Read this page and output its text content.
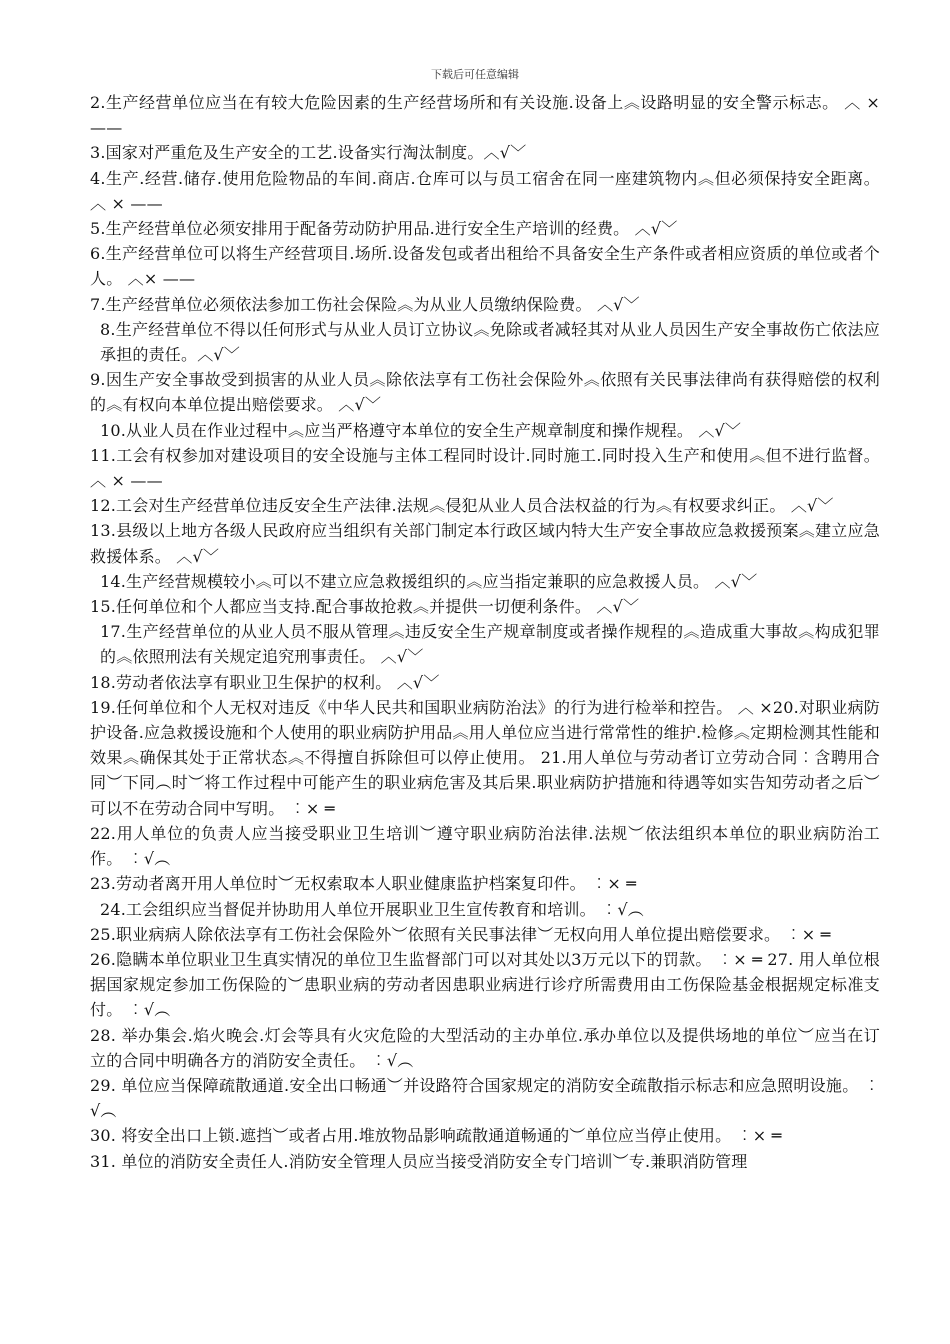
下载后可任意编辑

2.生产经营单位应当在有较大危险因素的生产经营场所和有关设施.设备上︽设路明显的安全警示标志。 ︿ × ——

3.国家对严重危及生产安全的工艺.设备实行淘汰制度。︿√﹀

4.生产.经营.储存.使用危险物品的车间.商店.仓库可以与员工宿舍在同一座建筑物内︽但必须保持安全距离。 ︿ × ——

5.生产经营单位必须安排用于配备劳动防护用品.进行安全生产培训的经费。 ︿√﹀

6.生产经营单位可以将生产经营项目.场所.设备发包或者出租给不具备安全生产条件或者相应资质的单位或者个人。 ︿× ——

7.生产经营单位必须依法参加工伤社会保险︽为从业人员缴纳保险费。 ︿√﹀

8.生产经营单位不得以任何形式与从业人员订立协议︽免除或者减轻其对从业人员因生产安全事故伤亡依法应承担的责任。︿√﹀

9.因生产安全事故受到损害的从业人员︽除依法享有工伤社会保险外︽依照有关民事法律尚有获得赔偿的权利的︽有权向本单位提出赔偿要求。 ︿√﹀

10.从业人员在作业过程中︽应当严格遵守本单位的安全生产规章制度和操作规程。 ︿√﹀

11.工会有权参加对建设项目的安全设施与主体工程同时设计.同时施工.同时投入生产和使用︽但不进行监督。 ︿ × ——

12.工会对生产经营单位违反安全生产法律.法规︽侵犯从业人员合法权益的行为︽有权要求纠正。 ︿√﹀

13.县级以上地方各级人民政府应当组织有关部门制定本行政区域内特大生产安全事故应急救援预案︽建立应急救援体系。 ︿√﹀

14.生产经营规模较小︽可以不建立应急救援组织的︽应当指定兼职的应急救援人员。 ︿√﹀

15.任何单位和个人都应当支持.配合事故抢救︽并提供一切便利条件。 ︿√﹀

17.生产经营单位的从业人员不服从管理︽违反安全生产规章制度或者操作规程的︽造成重大事故︽构成犯罪的︽依照刑法有关规定追究刑事责任。 ︿√﹀

18.劳动者依法享有职业卫生保护的权利。 ︿√﹀

19.任何单位和个人无权对违反《中华人民共和国职业病防治法》的行为进行检举和控告。 ︿ ×20.对职业病防护设备.应急救援设施和个人使用的职业病防护用品︽用人单位应当进行常常性的维护.检修︽定期检测其性能和效果︽确保其处于正常状态︽不得擅自拆除但可以停止使用。 21.用人单位与劳动者订立劳动合同︰含聘用合同︶下同︵时︶将工作过程中可能产生的职业病危害及其后果.职业病防护措施和待遇等如实告知劳动者之后︶可以不在劳动合同中写明。 ︰× ═

22.用人单位的负责人应当接受职业卫生培训︶遵守职业病防治法律.法规︶依法组织本单位的职业病防治工作。 ︰√︵

23.劳动者离开用人单位时︶无权索取本人职业健康监护档案复印件。 ︰× ═

24.工会组织应当督促并协助用人单位开展职业卫生宣传教育和培训。 ︰√︵

25.职业病病人除依法享有工伤社会保险外︶依照有关民事法律︶无权向用人单位提出赔偿要求。 ︰× ═

26.隐瞒本单位职业卫生真实情况的单位卫生监督部门可以对其处以3万元以下的罚款。 ︰× ═ 27. 用人单位根据国家规定参加工伤保险的︶患职业病的劳动者因患职业病进行诊疗所需费用由工伤保险基金根据规定标准支付。 ︰√︵

28. 举办集会.焰火晚会.灯会等具有火灾危险的大型活动的主办单位.承办单位以及提供场地的单位︶应当在订立的合同中明确各方的消防安全责任。 ︰√︵

29. 单位应当保障疏散通道.安全出口畅通︶并设路符合国家规定的消防安全疏散指示标志和应急照明设施。 ︰√︵

30. 将安全出口上锁.遮挡︶或者占用.堆放物品影响疏散通道畅通的︶单位应当停止使用。 ︰× ═

31. 单位的消防安全责任人.消防安全管理人员应当接受消防安全专门培训︶专.兼职消防管理
